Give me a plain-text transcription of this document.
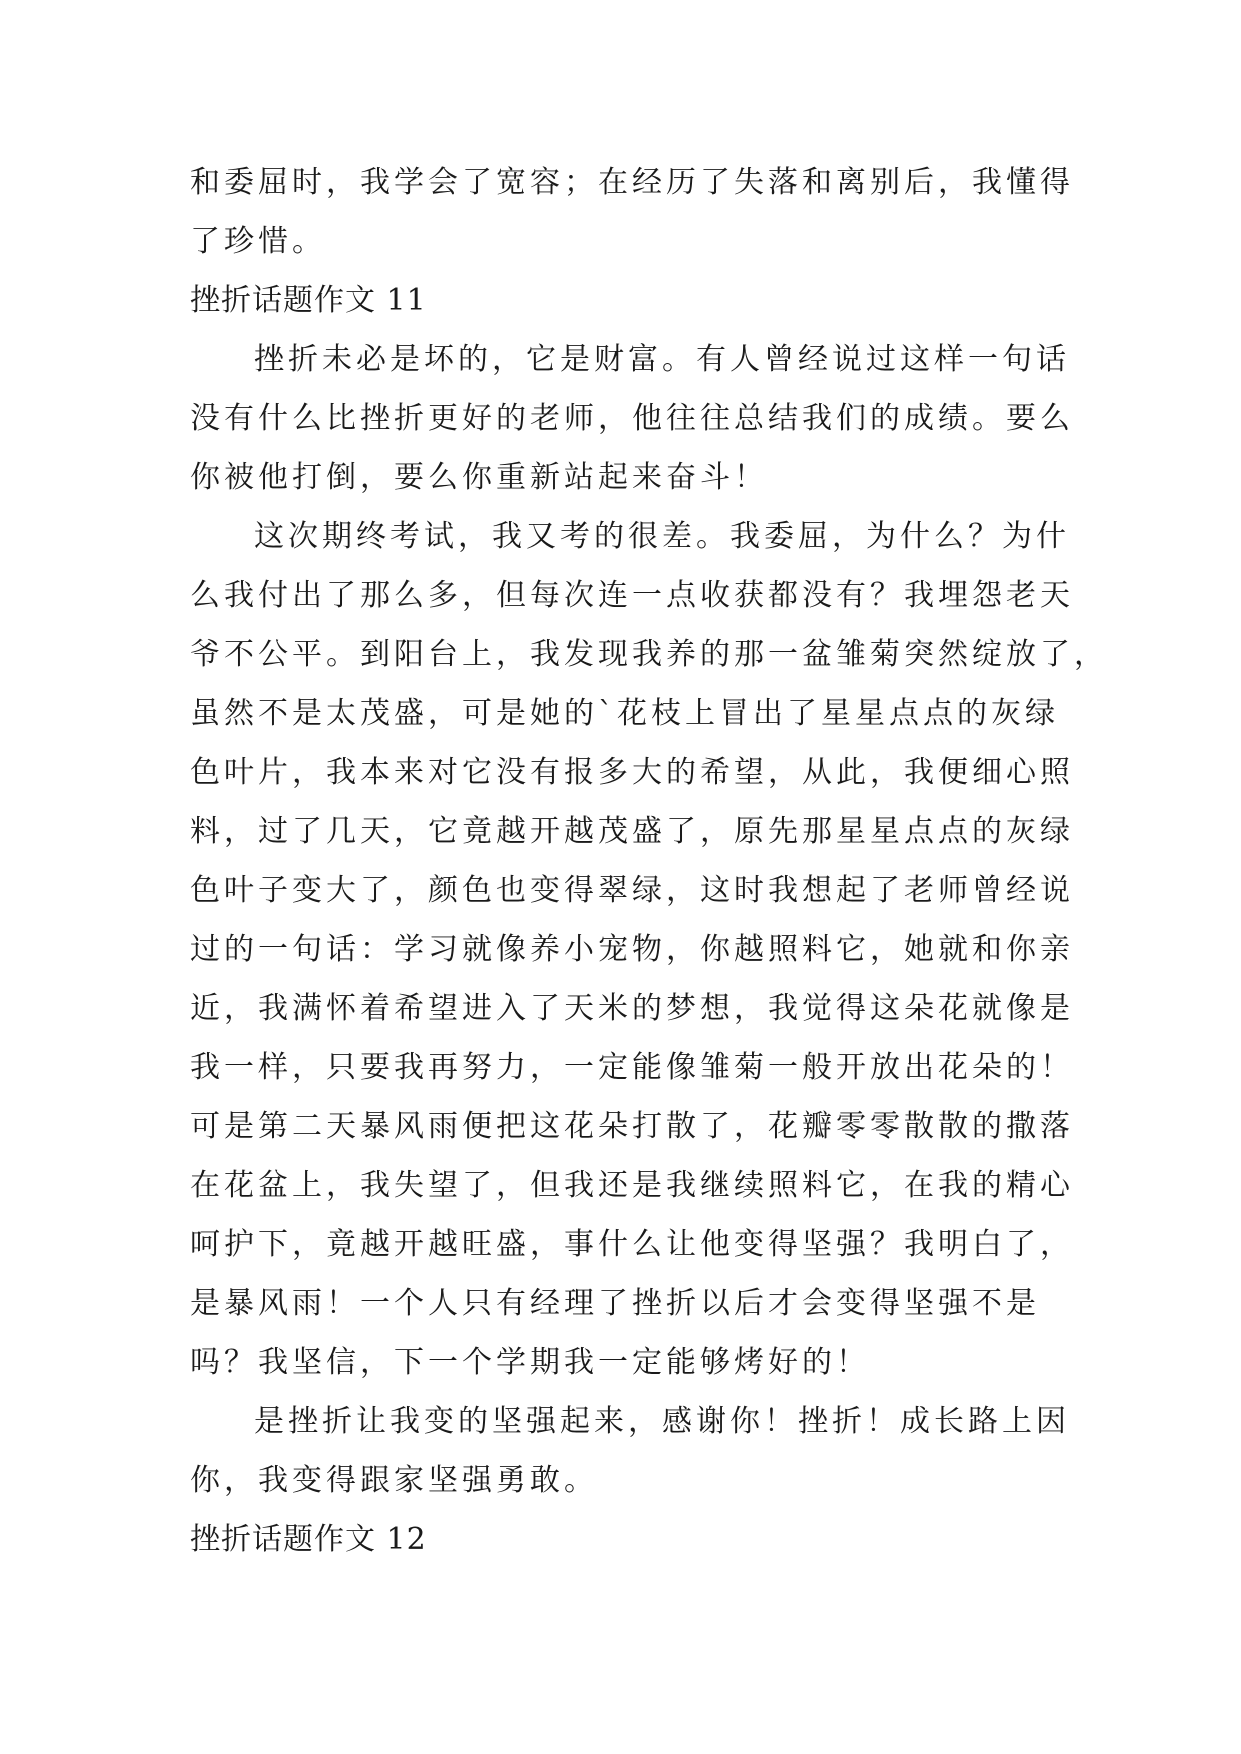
和委屈时，我学会了宽容；在经历了失落和离别后，我懂得
了珍惜。
挫折话题作文 11
挫折未必是坏的，它是财富。有人曾经说过这样一句话
没有什么比挫折更好的老师，他往往总结我们的成绩。要么
你被他打倒，要么你重新站起来奋斗！
这次期终考试，我又考的很差。我委屈，为什么？为什
么我付出了那么多，但每次连一点收获都没有？我埋怨老天
爷不公平。到阳台上，我发现我养的那一盆雏菊突然绽放了，
虽然不是太茂盛，可是她的`花枝上冒出了星星点点的灰绿
色叶片，我本来对它没有报多大的希望，从此，我便细心照
料，过了几天，它竟越开越茂盛了，原先那星星点点的灰绿
色叶子变大了，颜色也变得翠绿，这时我想起了老师曾经说
过的一句话：学习就像养小宠物，你越照料它，她就和你亲
近，我满怀着希望进入了天米的梦想，我觉得这朵花就像是
我一样，只要我再努力，一定能像雏菊一般开放出花朵的！
可是第二天暴风雨便把这花朵打散了，花瓣零零散散的撒落
在花盆上，我失望了，但我还是我继续照料它，在我的精心
呵护下，竟越开越旺盛，事什么让他变得坚强？我明白了，
是暴风雨！一个人只有经理了挫折以后才会变得坚强不是
吗？我坚信，下一个学期我一定能够烤好的！
是挫折让我变的坚强起来，感谢你！挫折！成长路上因
你，我变得跟家坚强勇敢。
挫折话题作文 12
